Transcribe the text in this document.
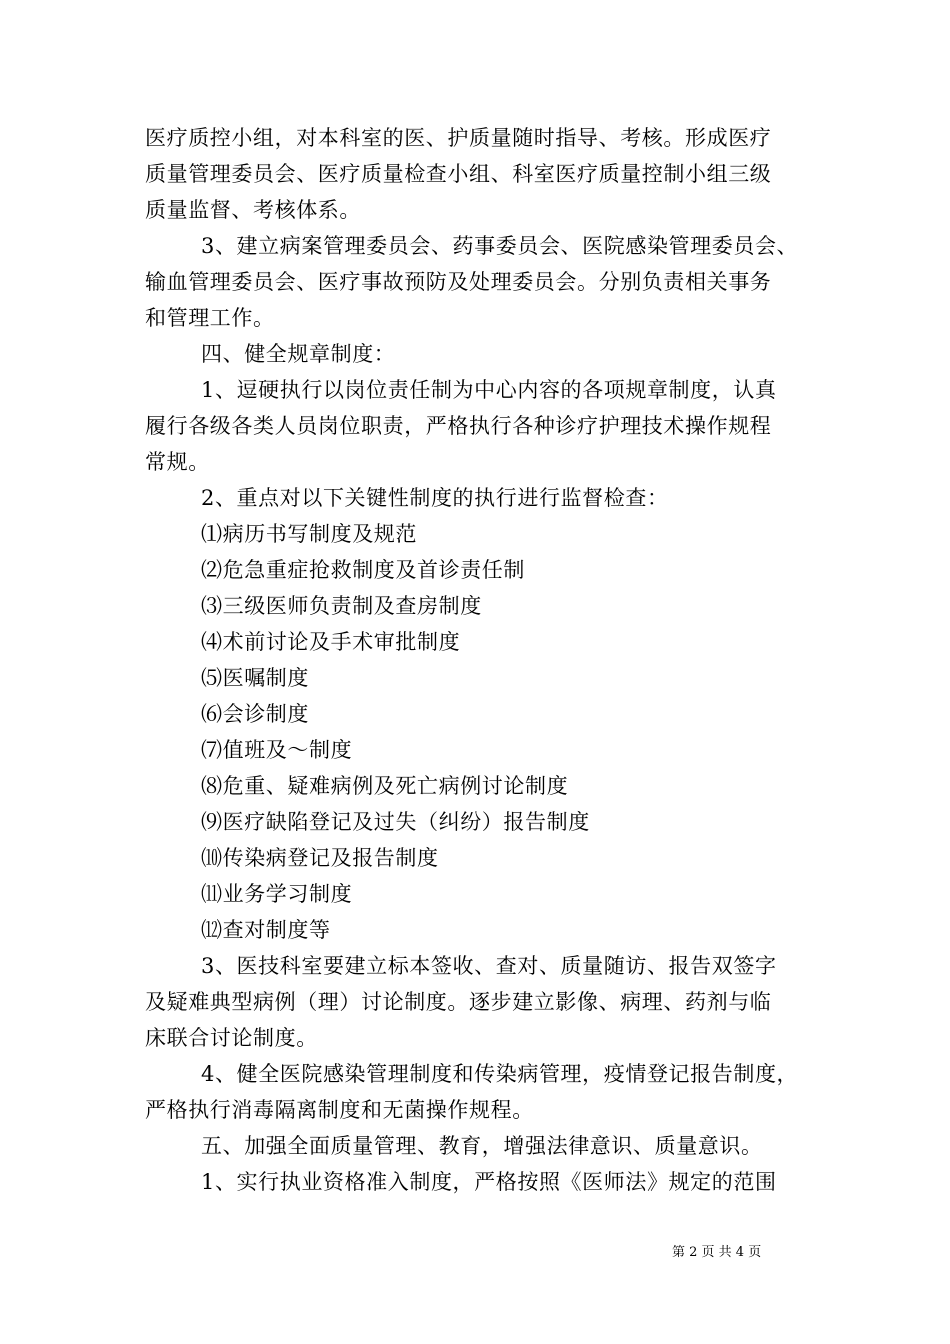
医疗质控小组，对本科室的医、护质量随时指导、考核。形成医疗
质量管理委员会、医疗质量检查小组、科室医疗质量控制小组三级
质量监督、考核体系。
3、建立病案管理委员会、药事委员会、医院感染管理委员会、
输血管理委员会、医疗事故预防及处理委员会。分别负责相关事务
和管理工作。
四、健全规章制度：
1、逗硬执行以岗位责任制为中心内容的各项规章制度，认真
履行各级各类人员岗位职责，严格执行各种诊疗护理技术操作规程
常规。
2、重点对以下关键性制度的执行进行监督检查：
⑴病历书写制度及规范
⑵危急重症抢救制度及首诊责任制
⑶三级医师负责制及查房制度
⑷术前讨论及手术审批制度
⑸医嘱制度
⑹会诊制度
⑺值班及～制度
⑻危重、疑难病例及死亡病例讨论制度
⑼医疗缺陷登记及过失（纠纷）报告制度
⑽传染病登记及报告制度
⑾业务学习制度
⑿查对制度等
3、医技科室要建立标本签收、查对、质量随访、报告双签字
及疑难典型病例（理）讨论制度。逐步建立影像、病理、药剂与临
床联合讨论制度。
4、健全医院感染管理制度和传染病管理，疫情登记报告制度，
严格执行消毒隔离制度和无菌操作规程。
五、加强全面质量管理、教育，增强法律意识、质量意识。
1、实行执业资格准入制度，严格按照《医师法》规定的范围
第 2 页 共 4 页
